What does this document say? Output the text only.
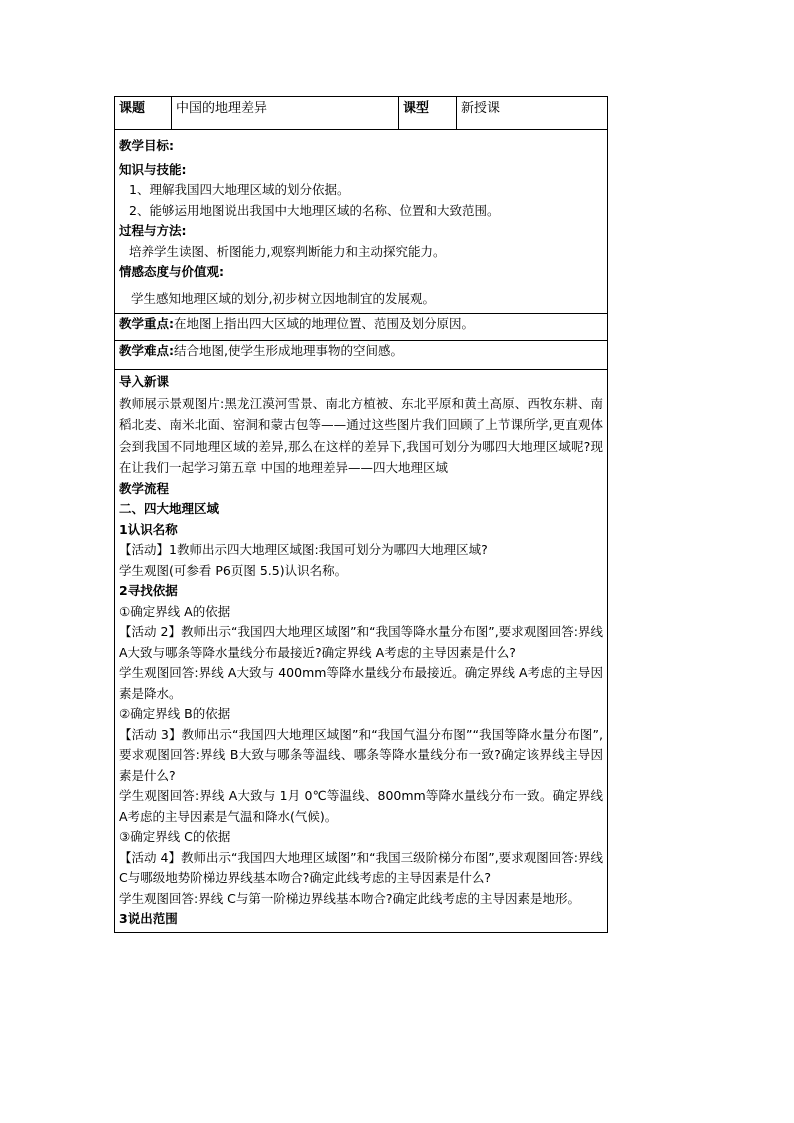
课题	中国的地理差异	课型	新授课

教学目标:
知识与技能:
1、理解我国四大地理区域的划分依据。
2、能够运用地图说出我国中大地理区域的名称、位置和大致范围。
过程与方法:
培养学生读图、析图能力,观察判断能力和主动探究能力。
情感态度与价值观:
学生感知地理区域的划分,初步树立因地制宜的发展观。

教学重点:在地图上指出四大区域的地理位置、范围及划分原因。
教学难点:结合地图,使学生形成地理事物的空间感。

导入新课
教师展示景观图片:黑龙江漠河雪景、南北方植被、东北平原和黄土高原、西牧东耕、南稻北麦、南米北面、窑洞和蒙古包等——通过这些图片我们回顾了上节课所学,更直观体会到我国不同地理区域的差异,那么在这样的差异下,我国可划分为哪四大地理区域呢?现在让我们一起学习第五章 中国的地理差异——四大地理区域
教学流程
二、四大地理区域
1认识名称
【活动】1教师出示四大地理区域图:我国可划分为哪四大地理区域?
学生观图(可参看 P6页图 5.5)认识名称。
2寻找依据
①确定界线 A的依据
【活动 2】教师出示“我国四大地理区域图”和“我国等降水量分布图”,要求观图回答:界线 A大致与哪条等降水量线分布最接近?确定界线 A考虑的主导因素是什么?
学生观图回答:界线 A大致与 400mm等降水量线分布最接近。确定界线 A考虑的主导因素是降水。
②确定界线 B的依据
【活动 3】教师出示“我国四大地理区域图”和“我国气温分布图”“我国等降水量分布图”,要求观图回答:界线 B大致与哪条等温线、哪条等降水量线分布一致?确定该界线主导因素是什么?
学生观图回答:界线 A大致与 1月 0℃等温线、800mm等降水量线分布一致。确定界线 A考虑的主导因素是气温和降水(气候)。
③确定界线 C的依据
【活动 4】教师出示“我国四大地理区域图”和“我国三级阶梯分布图”,要求观图回答:界线 C与哪级地势阶梯边界线基本吻合?确定此线考虑的主导因素是什么?
学生观图回答:界线 C与第一阶梯边界线基本吻合?确定此线考虑的主导因素是地形。
3说出范围
